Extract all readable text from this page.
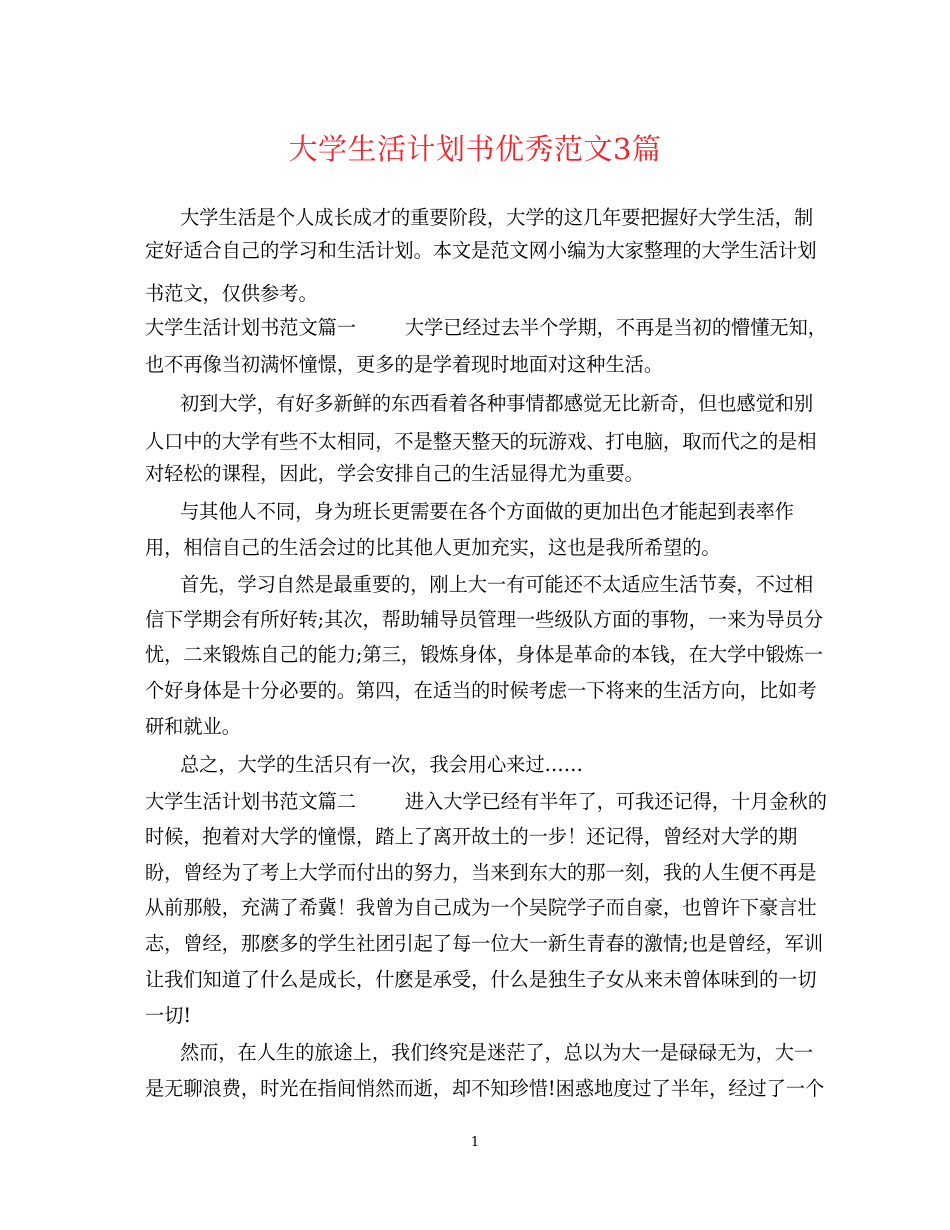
大学生活计划书优秀范文3篇
大学生活是个人成长成才的重要阶段，大学的这几年要把握好大学生活，制
定好适合自己的学习和生活计划。本文是范文网小编为大家整理的大学生活计划
书范文，仅供参考。
大学生活计划书范文篇一        大学已经过去半个学期，不再是当初的懵懂无知，
也不再像当初满怀憧憬，更多的是学着现时地面对这种生活。
初到大学，有好多新鲜的东西看着各种事情都感觉无比新奇，但也感觉和别
人口中的大学有些不太相同，不是整天整天的玩游戏、打电脑，取而代之的是相
对轻松的课程，因此，学会安排自己的生活显得尤为重要。
与其他人不同，身为班长更需要在各个方面做的更加出色才能起到表率作
用，相信自己的生活会过的比其他人更加充实，这也是我所希望的。
首先，学习自然是最重要的，刚上大一有可能还不太适应生活节奏，不过相
信下学期会有所好转;其次，帮助辅导员管理一些级队方面的事物，一来为导员分
忧，二来锻炼自己的能力;第三，锻炼身体，身体是革命的本钱，在大学中锻炼一
个好身体是十分必要的。第四，在适当的时候考虑一下将来的生活方向，比如考
研和就业。
总之，大学的生活只有一次，我会用心来过……
大学生活计划书范文篇二        进入大学已经有半年了，可我还记得，十月金秋的
时候，抱着对大学的憧憬，踏上了离开故土的一步！还记得，曾经对大学的期
盼，曾经为了考上大学而付出的努力，当来到东大的那一刻，我的人生便不再是
从前那般，充满了希冀！我曾为自己成为一个吴院学子而自豪，也曾许下豪言壮
志，曾经，那麽多的学生社团引起了每一位大一新生青春的激情;也是曾经，军训
让我们知道了什么是成长，什麽是承受，什么是独生子女从来未曾体味到的一切
一切!
然而，在人生的旅途上，我们终究是迷茫了，总以为大一是碌碌无为，大一
是无聊浪费，时光在指间悄然而逝，却不知珍惜!困惑地度过了半年，经过了一个
1
